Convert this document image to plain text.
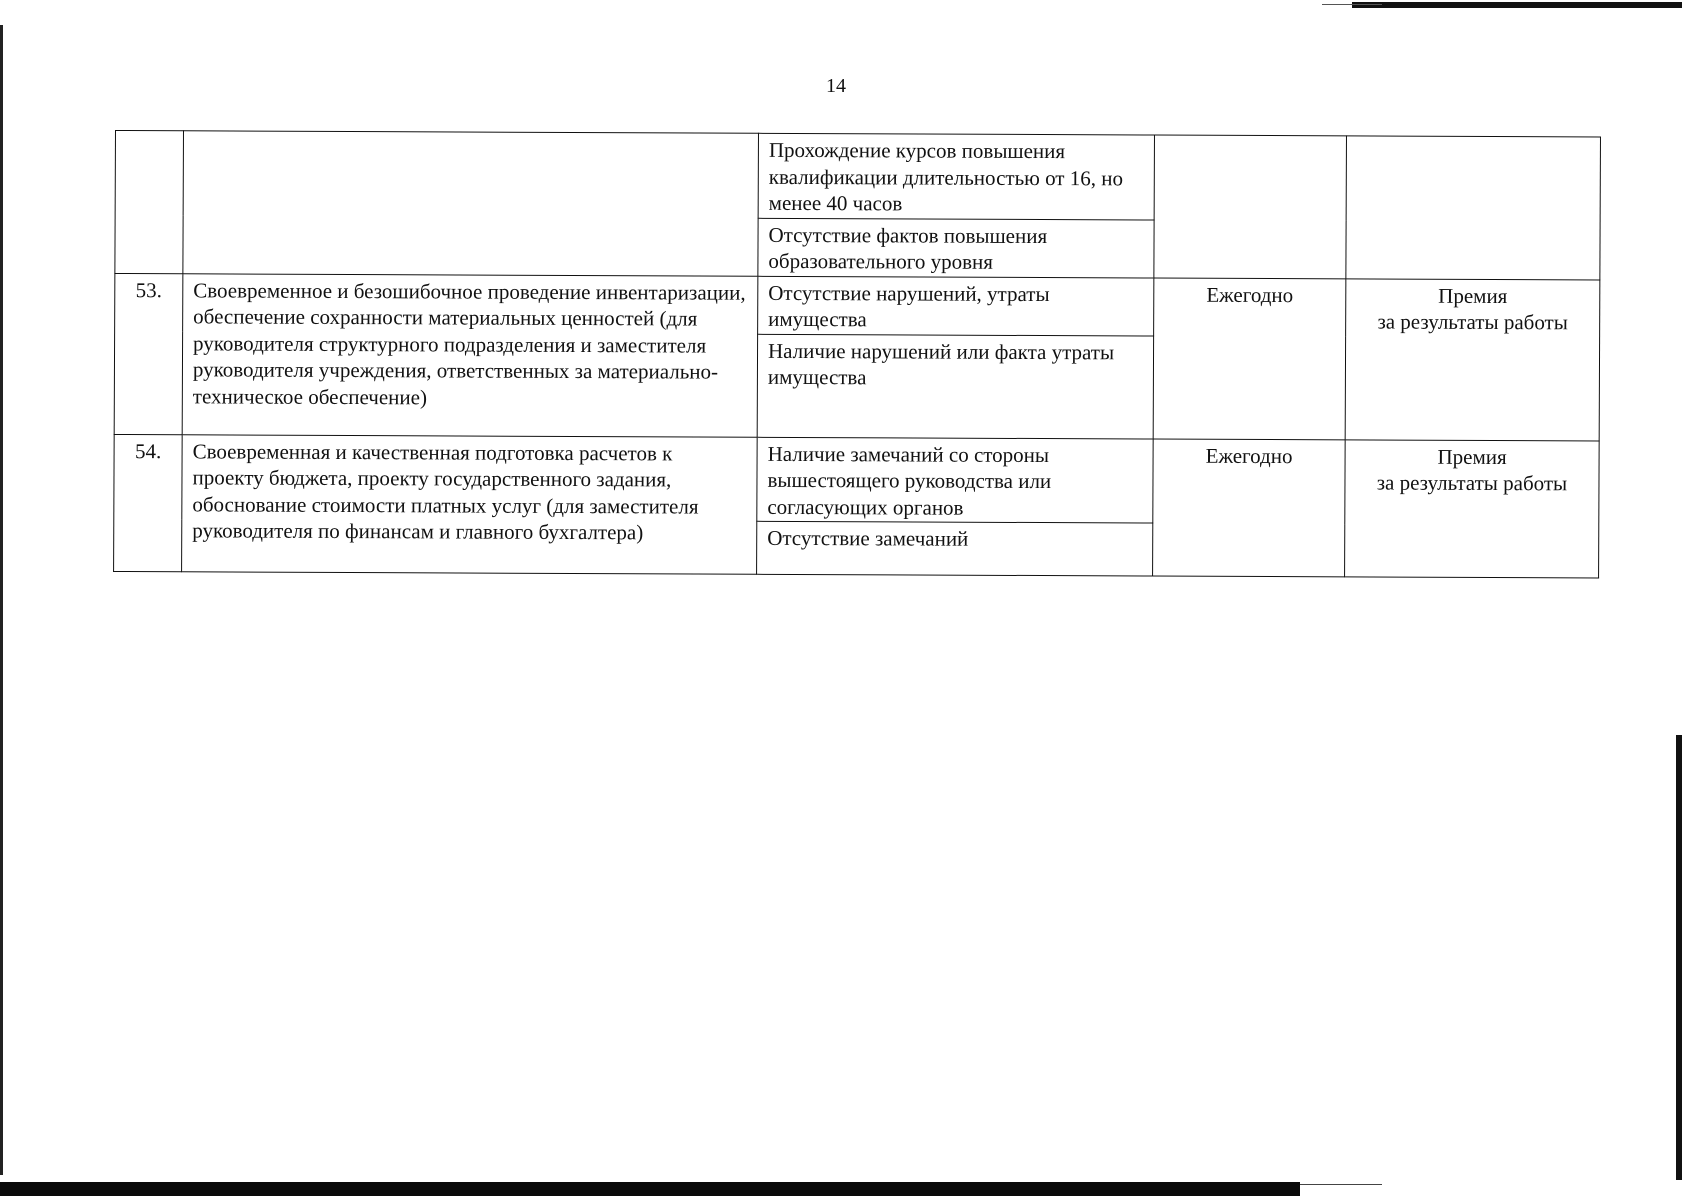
14
		Прохождение курсов повышения квалификации длительностью от 16, но менее 40 часов		
		Отсутствие фактов повышения образовательного уровня		
53.	Своевременное и безошибочное проведение инвентаризации, обеспечение сохранности материальных ценностей (для руководителя структурного подразделения и заместителя руководителя учреждения, ответственных за материально-техническое обеспечение)	Отсутствие нарушений, утраты имущества	Ежегодно	Премия
за результаты работы

		Наличие нарушений или факта утраты имущества		
54.	Своевременная и качественная подготовка расчетов к проекту бюджета, проекту государственного задания, обоснование стоимости платных услуг (для заместителя руководителя по финансам и главного бухгалтера)	Наличие замечаний со стороны вышестоящего руководства или согласующих органов	Ежегодно	Премия
за результаты работы

		Отсутствие замечаний		
